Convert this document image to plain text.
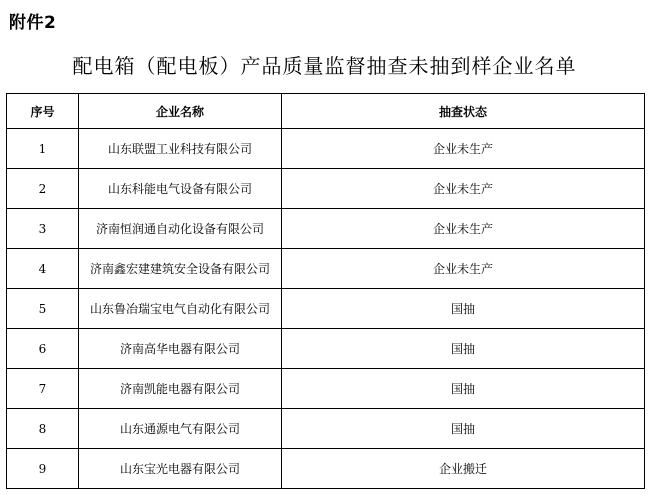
附件2
配电箱（配电板）产品质量监督抽查未抽到样企业名单
序号	企业名称	抽查状态
1	山东联盟工业科技有限公司	企业未生产
2	山东科能电气设备有限公司	企业未生产
3	济南恒润通自动化设备有限公司	企业未生产
4	济南鑫宏建建筑安全设备有限公司	企业未生产
5	山东鲁冶瑞宝电气自动化有限公司	国抽
6	济南高华电器有限公司	国抽
7	济南凯能电器有限公司	国抽
8	山东通源电气有限公司	国抽
9	山东宝光电器有限公司	企业搬迁
